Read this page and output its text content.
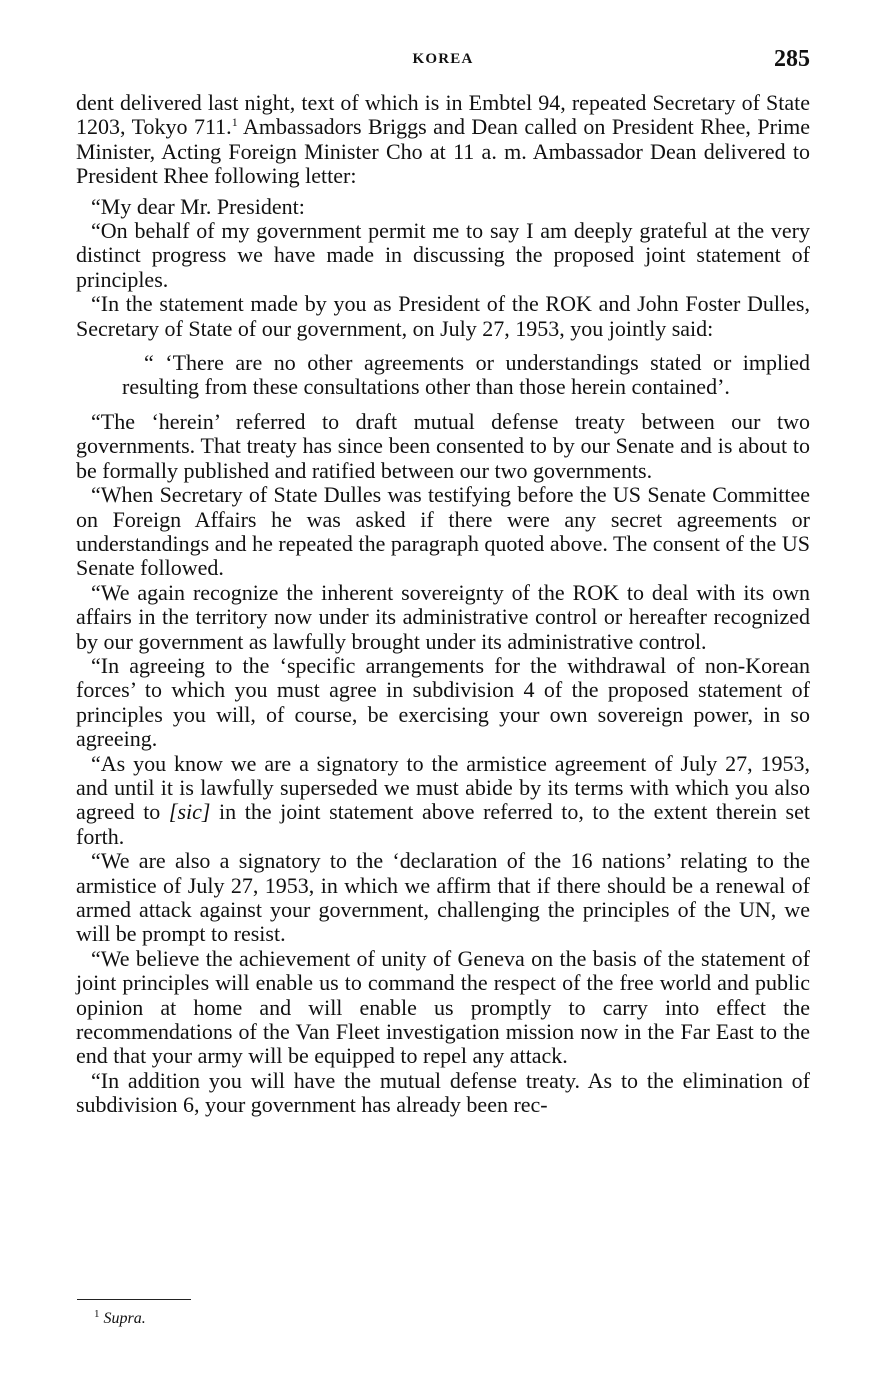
KOREA	285

dent delivered last night, text of which is in Embtel 94, repeated Secretary of State 1203, Tokyo 711.$^1$ Ambassadors Briggs and Dean called on President Rhee, Prime Minister, Acting Foreign Minister Cho at 11 a. m. Ambassador Dean delivered to President Rhee following letter:

“My dear Mr. President:

“On behalf of my government permit me to say I am deeply grateful at the very distinct progress we have made in discussing the proposed joint statement of principles.

“In the statement made by you as President of the ROK and John Foster Dulles, Secretary of State of our government, on July 27, 1953, you jointly said:

“ ‘There are no other agreements or understandings stated or implied resulting from these consultations other than those herein contained’.

“The ‘herein’ referred to draft mutual defense treaty between our two governments. That treaty has since been consented to by our Senate and is about to be formally published and ratified between our two governments.

“When Secretary of State Dulles was testifying before the US Senate Committee on Foreign Affairs he was asked if there were any secret agreements or understandings and he repeated the paragraph quoted above. The consent of the US Senate followed.

“We again recognize the inherent sovereignty of the ROK to deal with its own affairs in the territory now under its administrative control or hereafter recognized by our government as lawfully brought under its administrative control.

“In agreeing to the ‘specific arrangements for the withdrawal of non-Korean forces’ to which you must agree in subdivision 4 of the proposed statement of principles you will, of course, be exercising your own sovereign power, in so agreeing.

“As you know we are a signatory to the armistice agreement of July 27, 1953, and until it is lawfully superseded we must abide by its terms with which you also agreed to [sic] in the joint statement above referred to, to the extent therein set forth.

“We are also a signatory to the ‘declaration of the 16 nations’ relating to the armistice of July 27, 1953, in which we affirm that if there should be a renewal of armed attack against your government, challenging the principles of the UN, we will be prompt to resist.

“We believe the achievement of unity of Geneva on the basis of the statement of joint principles will enable us to command the respect of the free world and public opinion at home and will enable us promptly to carry into effect the recommendations of the Van Fleet investigation mission now in the Far East to the end that your army will be equipped to repel any attack.

“In addition you will have the mutual defense treaty. As to the elimination of subdivision 6, your government has already been rec-

$^1$ Supra.
